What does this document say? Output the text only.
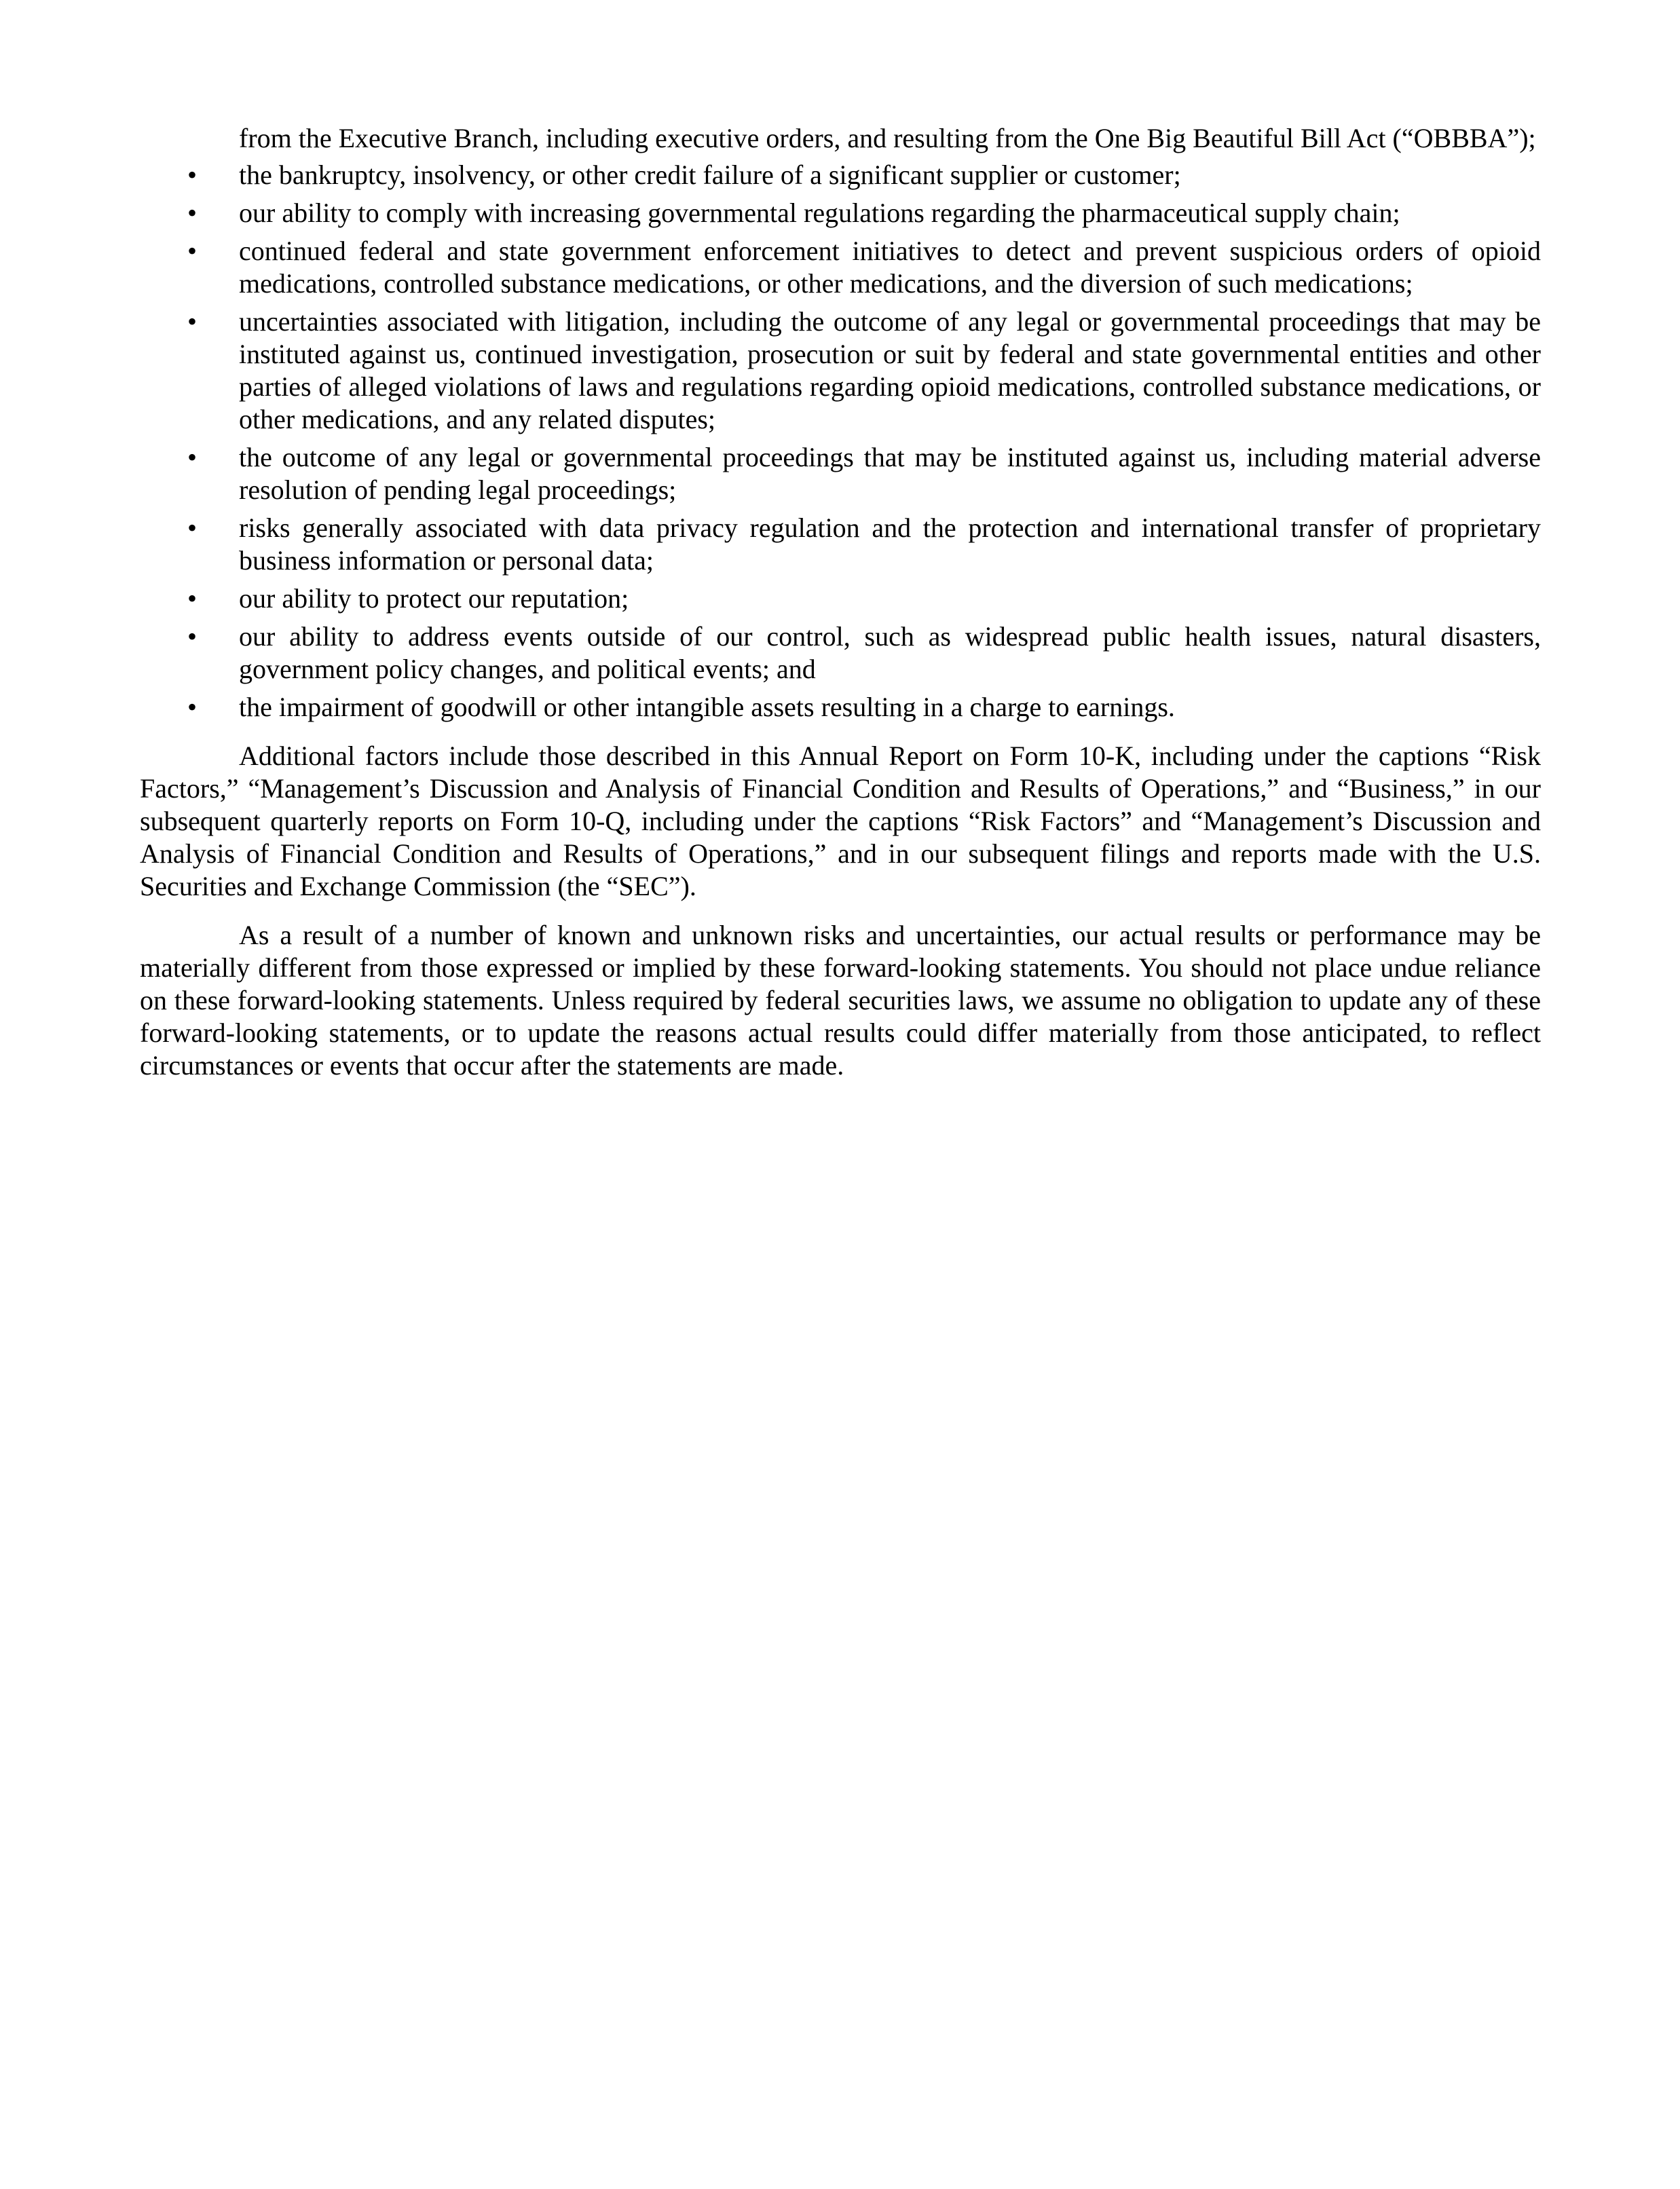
from the Executive Branch, including executive orders, and resulting from the One Big Beautiful Bill Act (“OBBBA”);

•	the bankruptcy, insolvency, or other credit failure of a significant supplier or customer;
•	our ability to comply with increasing governmental regulations regarding the pharmaceutical supply chain;
•	continued federal and state government enforcement initiatives to detect and prevent suspicious orders of opioid medications, controlled substance medications, or other medications, and the diversion of such medications;
•	uncertainties associated with litigation, including the outcome of any legal or governmental proceedings that may be instituted against us, continued investigation, prosecution or suit by federal and state governmental entities and other parties of alleged violations of laws and regulations regarding opioid medications, controlled substance medications, or other medications, and any related disputes;
•	the outcome of any legal or governmental proceedings that may be instituted against us, including material adverse resolution of pending legal proceedings;
•	risks generally associated with data privacy regulation and the protection and international transfer of proprietary business information or personal data;
•	our ability to protect our reputation;
•	our ability to address events outside of our control, such as widespread public health issues, natural disasters, government policy changes, and political events; and
•	the impairment of goodwill or other intangible assets resulting in a charge to earnings.

Additional factors include those described in this Annual Report on Form 10-K, including under the captions “Risk Factors,” “Management’s Discussion and Analysis of Financial Condition and Results of Operations,” and “Business,” in our subsequent quarterly reports on Form 10-Q, including under the captions “Risk Factors” and “Management’s Discussion and Analysis of Financial Condition and Results of Operations,” and in our subsequent filings and reports made with the U.S. Securities and Exchange Commission (the “SEC”).

As a result of a number of known and unknown risks and uncertainties, our actual results or performance may be materially different from those expressed or implied by these forward-looking statements. You should not place undue reliance on these forward-looking statements. Unless required by federal securities laws, we assume no obligation to update any of these forward-looking statements, or to update the reasons actual results could differ materially from those anticipated, to reflect circumstances or events that occur after the statements are made.
